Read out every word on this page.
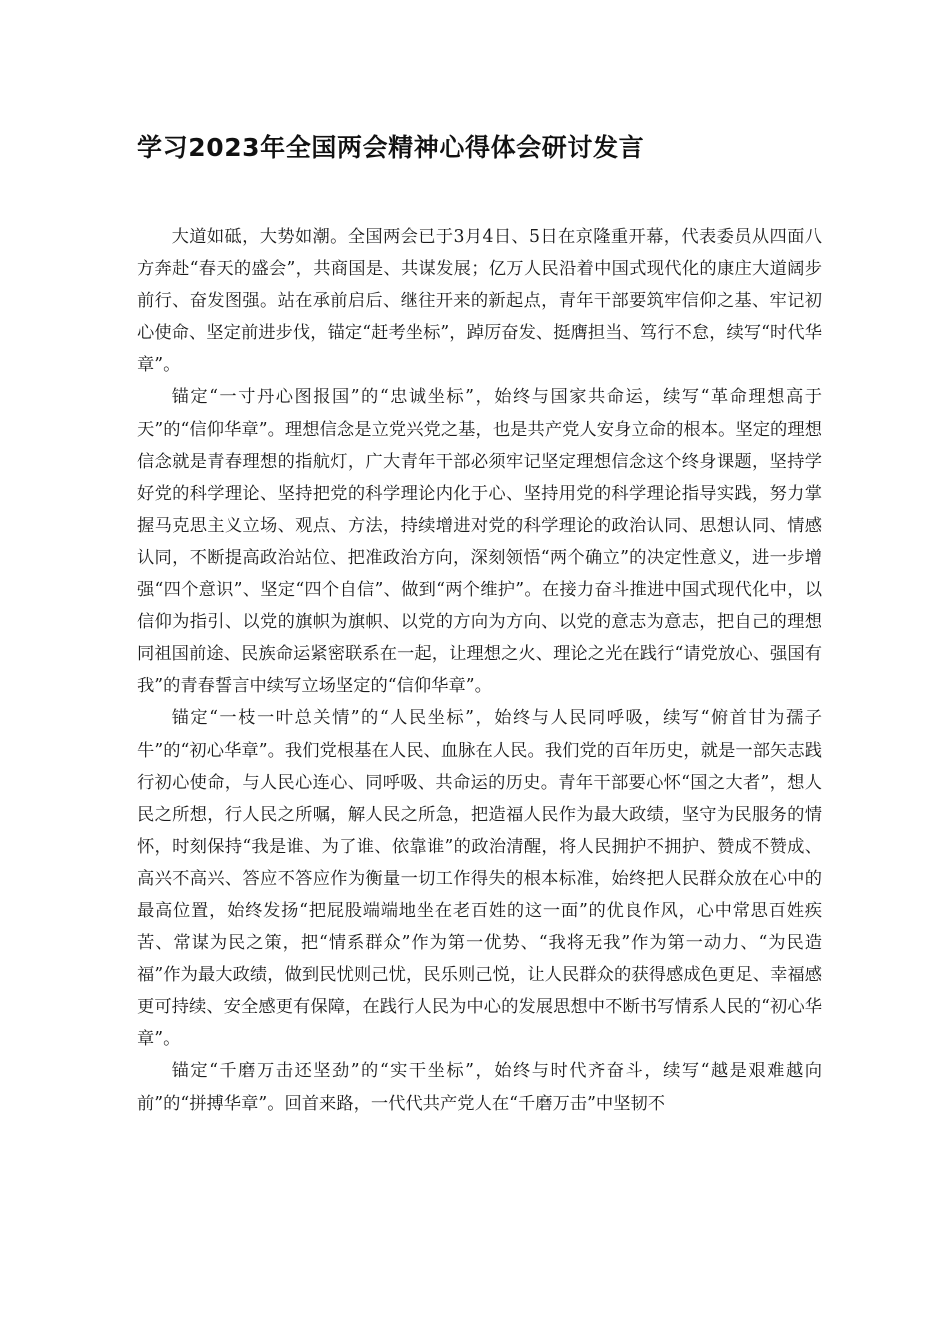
学习2023年全国两会精神心得体会研讨发言

大道如砥，大势如潮。全国两会已于3月4日、5日在京隆重开幕，代表委员从四面八方奔赴“春天的盛会”，共商国是、共谋发展；亿万人民沿着中国式现代化的康庄大道阔步前行、奋发图强。站在承前启后、继往开来的新起点，青年干部要筑牢信仰之基、牢记初心使命、坚定前进步伐，锚定“赶考坐标”，踔厉奋发、挺膺担当、笃行不怠，续写“时代华章”。

锚定“一寸丹心图报国”的“忠诚坐标”，始终与国家共命运，续写“革命理想高于天”的“信仰华章”。理想信念是立党兴党之基，也是共产党人安身立命的根本。坚定的理想信念就是青春理想的指航灯，广大青年干部必须牢记坚定理想信念这个终身课题，坚持学好党的科学理论、坚持把党的科学理论内化于心、坚持用党的科学理论指导实践，努力掌握马克思主义立场、观点、方法，持续增进对党的科学理论的政治认同、思想认同、情感认同，不断提高政治站位、把准政治方向，深刻领悟“两个确立”的决定性意义，进一步增强“四个意识”、坚定“四个自信”、做到“两个维护”。在接力奋斗推进中国式现代化中，以信仰为指引、以党的旗帜为旗帜、以党的方向为方向、以党的意志为意志，把自己的理想同祖国前途、民族命运紧密联系在一起，让理想之火、理论之光在践行“请党放心、强国有我”的青春誓言中续写立场坚定的“信仰华章”。

锚定“一枝一叶总关情”的“人民坐标”，始终与人民同呼吸，续写“俯首甘为孺子牛”的“初心华章”。我们党根基在人民、血脉在人民。我们党的百年历史，就是一部矢志践行初心使命，与人民心连心、同呼吸、共命运的历史。青年干部要心怀“国之大者”，想人民之所想，行人民之所嘱，解人民之所急，把造福人民作为最大政绩，坚守为民服务的情怀，时刻保持“我是谁、为了谁、依靠谁”的政治清醒，将人民拥护不拥护、赞成不赞成、高兴不高兴、答应不答应作为衡量一切工作得失的根本标准，始终把人民群众放在心中的最高位置，始终发扬“把屁股端端地坐在老百姓的这一面”的优良作风，心中常思百姓疾苦、常谋为民之策，把“情系群众”作为第一优势、“我将无我”作为第一动力、“为民造福”作为最大政绩，做到民忧则己忧，民乐则己悦，让人民群众的获得感成色更足、幸福感更可持续、安全感更有保障，在践行人民为中心的发展思想中不断书写情系人民的“初心华章”。

锚定“千磨万击还坚劲”的“实干坐标”，始终与时代齐奋斗，续写“越是艰难越向前”的“拼搏华章”。回首来路，一代代共产党人在“千磨万击”中坚韧不
